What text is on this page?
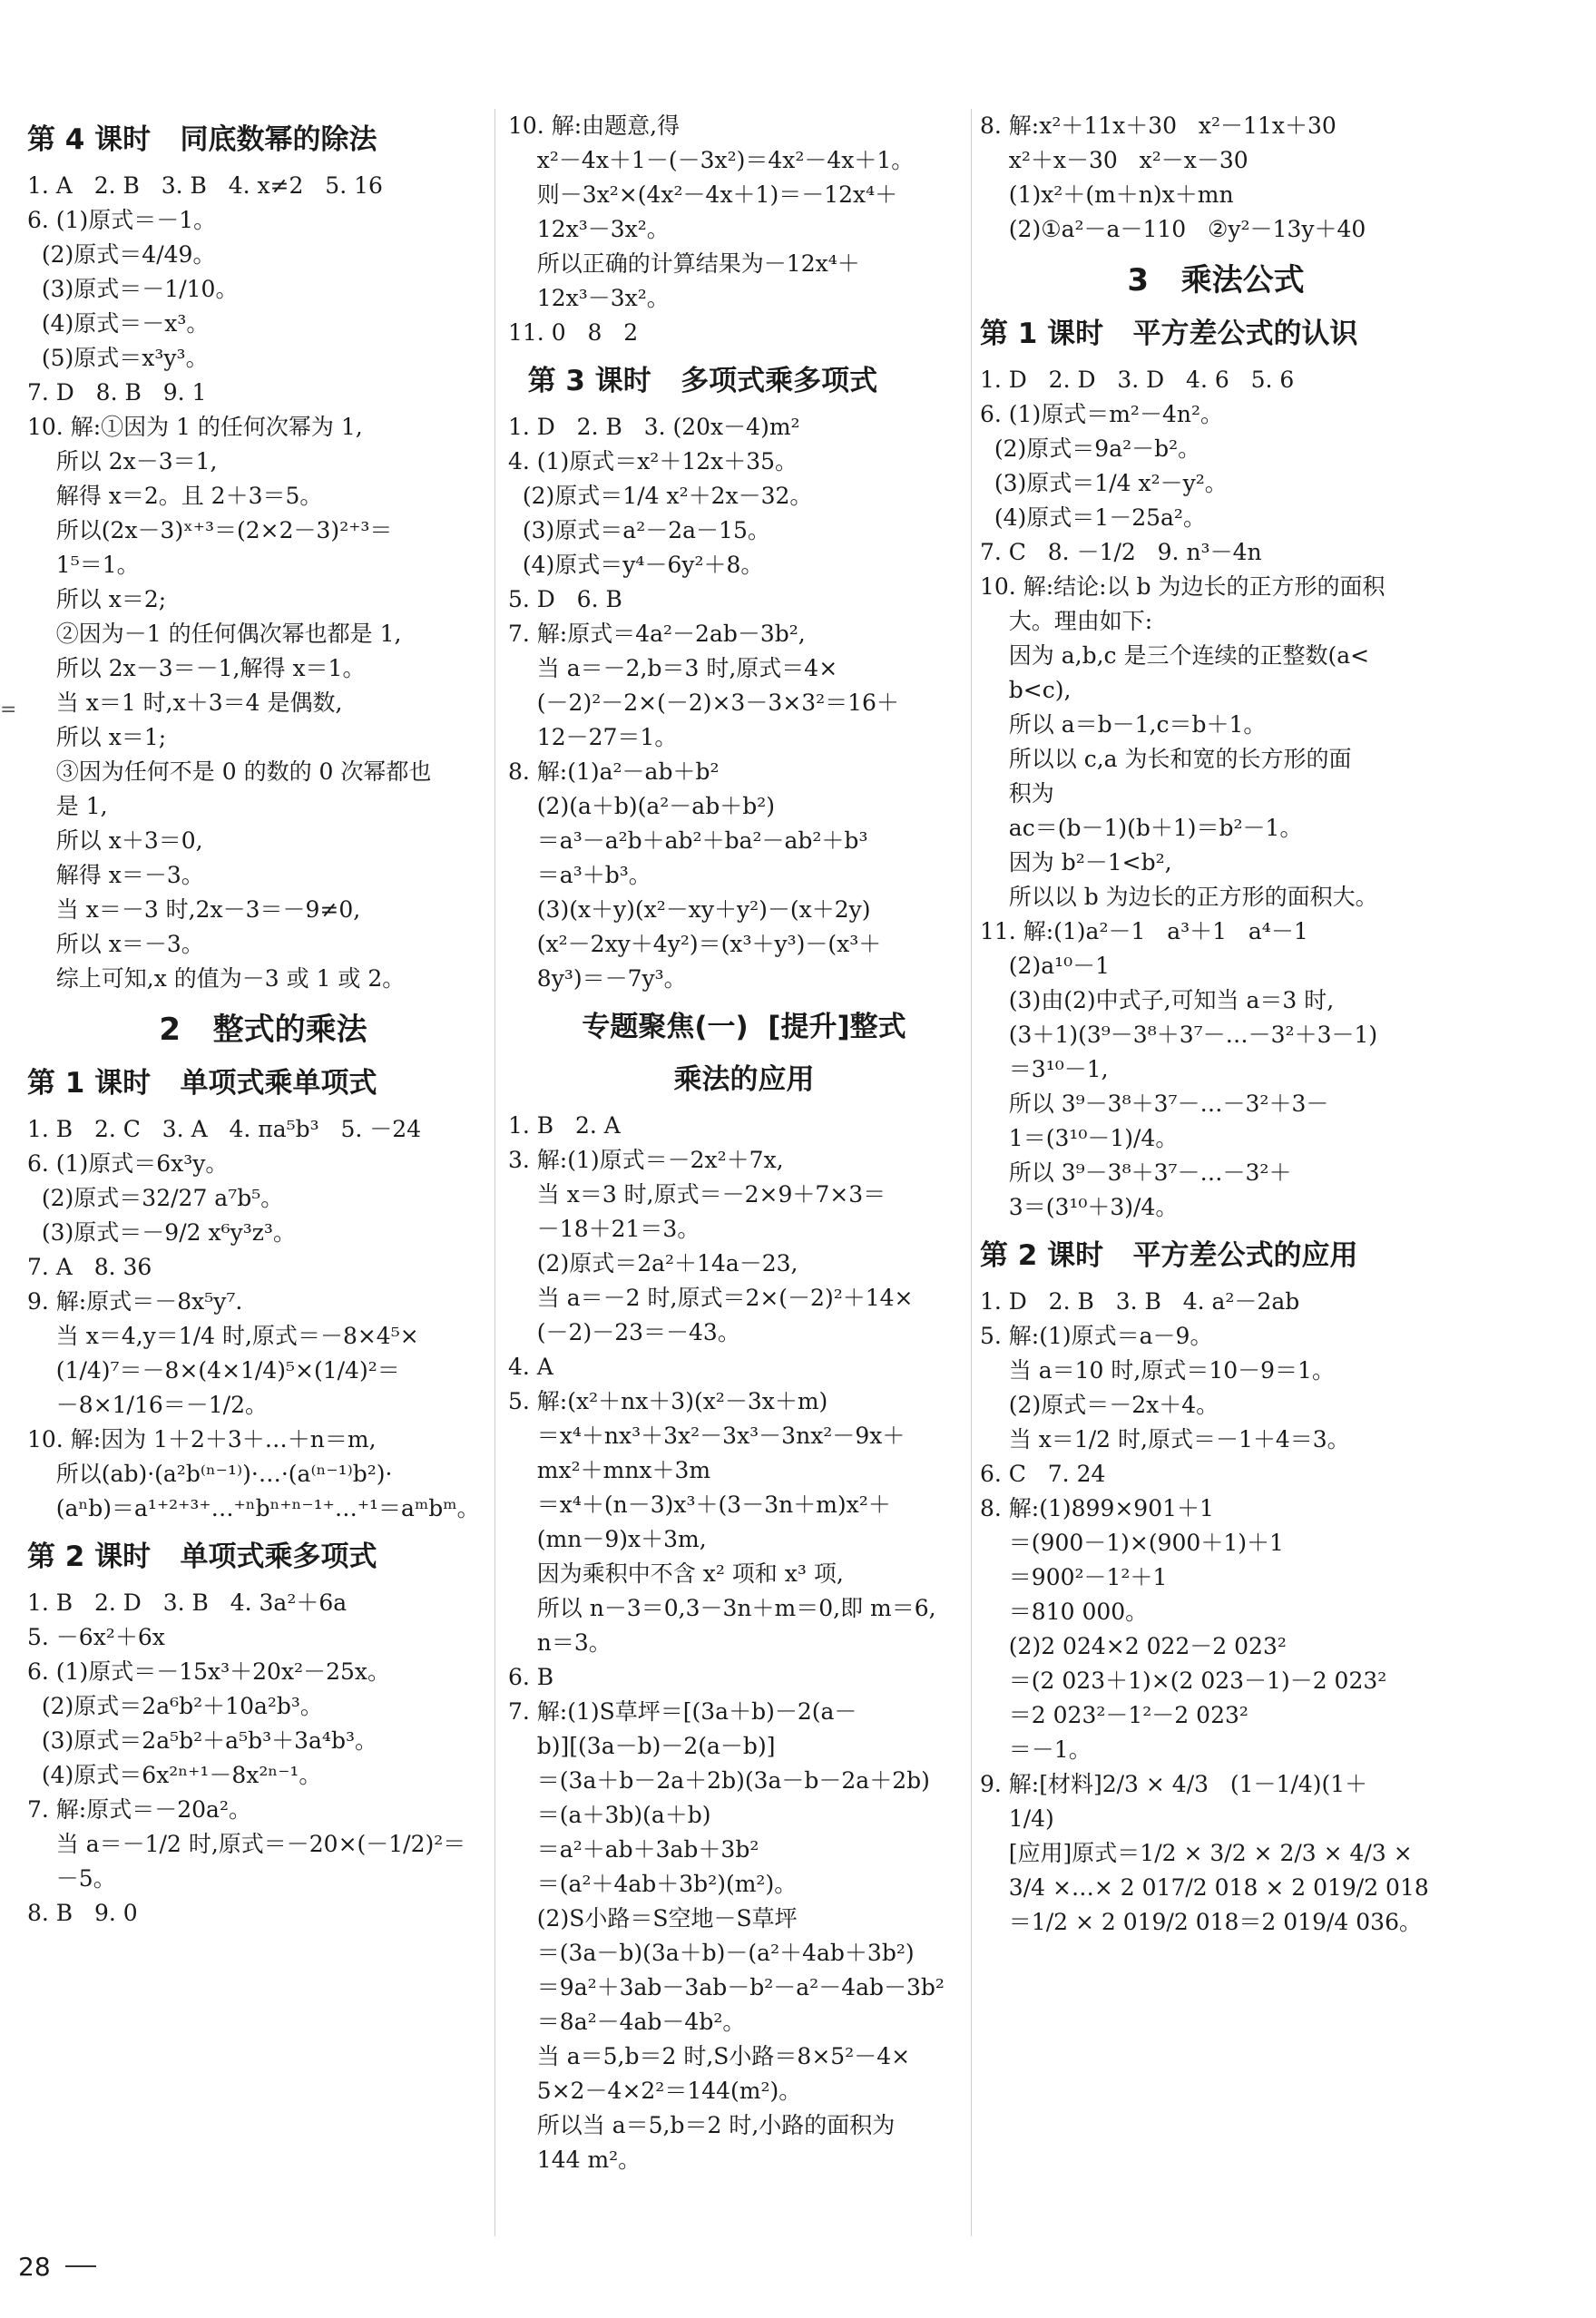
=
第 4 课时   同底数幂的除法
1. A   2. B   3. B   4. x≠2   5. 16
6. (1)原式＝－1。
(2)原式＝4/49。
(3)原式＝－1/10。
(4)原式＝－x³。
(5)原式＝x³y³。
7. D   8. B   9. 1
10. 解:①因为 1 的任何次幂为 1,
所以 2x－3＝1,
解得 x＝2。且 2＋3＝5。
所以(2x－3)ˣ⁺³＝(2×2－3)²⁺³＝
1⁵＝1。
所以 x＝2;
②因为－1 的任何偶次幂也都是 1,
所以 2x－3＝－1,解得 x＝1。
当 x＝1 时,x＋3＝4 是偶数,
所以 x＝1;
③因为任何不是 0 的数的 0 次幂都也
是 1,
所以 x＋3＝0,
解得 x＝－3。
当 x＝－3 时,2x－3＝－9≠0,
所以 x＝－3。
综上可知,x 的值为－3 或 1 或 2。
2   整式的乘法
第 1 课时   单项式乘单项式
1. B   2. C   3. A   4. πa⁵b³   5. －24
6. (1)原式＝6x³y。
(2)原式＝32/27 a⁷b⁵。
(3)原式＝－9/2 x⁶y³z³。
7. A   8. 36
9. 解:原式＝－8x⁵y⁷.
当 x＝4,y＝1/4 时,原式＝－8×4⁵×
(1/4)⁷＝－8×(4×1/4)⁵×(1/4)²＝
－8×1/16＝－1/2。
10. 解:因为 1＋2＋3＋…＋n＝m,
所以(ab)·(a²b⁽ⁿ⁻¹⁾)·…·(a⁽ⁿ⁻¹⁾b²)·
(aⁿb)＝a¹⁺²⁺³⁺…⁺ⁿbⁿ⁺ⁿ⁻¹⁺…⁺¹＝aᵐbᵐ。
第 2 课时   单项式乘多项式
1. B   2. D   3. B   4. 3a²＋6a
5. －6x²＋6x
6. (1)原式＝－15x³＋20x²－25x。
(2)原式＝2a⁶b²＋10a²b³。
(3)原式＝2a⁵b²＋a⁵b³＋3a⁴b³。
(4)原式＝6x²ⁿ⁺¹－8x²ⁿ⁻¹。
7. 解:原式＝－20a²。
当 a＝－1/2 时,原式＝－20×(－1/2)²＝
－5。
8. B   9. 0
10. 解:由题意,得
x²－4x＋1－(－3x²)＝4x²－4x＋1。
则－3x²×(4x²－4x＋1)＝－12x⁴＋
12x³－3x²。
所以正确的计算结果为－12x⁴＋
12x³－3x²。
11. 0   8   2
第 3 课时   多项式乘多项式
1. D   2. B   3. (20x－4)m²
4. (1)原式＝x²＋12x＋35。
(2)原式＝1/4 x²＋2x－32。
(3)原式＝a²－2a－15。
(4)原式＝y⁴－6y²＋8。
5. D   6. B
7. 解:原式＝4a²－2ab－3b²,
当 a＝－2,b＝3 时,原式＝4×
(－2)²－2×(－2)×3－3×3²＝16＋
12－27＝1。
8. 解:(1)a²－ab＋b²
(2)(a＋b)(a²－ab＋b²)
＝a³－a²b＋ab²＋ba²－ab²＋b³
＝a³＋b³。
(3)(x＋y)(x²－xy＋y²)－(x＋2y)
(x²－2xy＋4y²)＝(x³＋y³)－(x³＋
8y³)＝－7y³。
专题聚焦(一)  [提升]整式
乘法的应用
1. B   2. A
3. 解:(1)原式＝－2x²＋7x,
当 x＝3 时,原式＝－2×9＋7×3＝
－18＋21＝3。
(2)原式＝2a²＋14a－23,
当 a＝－2 时,原式＝2×(－2)²＋14×
(－2)－23＝－43。
4. A
5. 解:(x²＋nx＋3)(x²－3x＋m)
＝x⁴＋nx³＋3x²－3x³－3nx²－9x＋
mx²＋mnx＋3m
＝x⁴＋(n－3)x³＋(3－3n＋m)x²＋
(mn－9)x＋3m,
因为乘积中不含 x² 项和 x³ 项,
所以 n－3＝0,3－3n＋m＝0,即 m＝6,
n＝3。
6. B
7. 解:(1)S草坪＝[(3a＋b)－2(a－
b)][(3a－b)－2(a－b)]
＝(3a＋b－2a＋2b)(3a－b－2a＋2b)
＝(a＋3b)(a＋b)
＝a²＋ab＋3ab＋3b²
＝(a²＋4ab＋3b²)(m²)。
(2)S小路＝S空地－S草坪
＝(3a－b)(3a＋b)－(a²＋4ab＋3b²)
＝9a²＋3ab－3ab－b²－a²－4ab－3b²
＝8a²－4ab－4b²。
当 a＝5,b＝2 时,S小路＝8×5²－4×
5×2－4×2²＝144(m²)。
所以当 a＝5,b＝2 时,小路的面积为
144 m²。
8. 解:x²＋11x＋30   x²－11x＋30
x²＋x－30   x²－x－30
(1)x²＋(m＋n)x＋mn
(2)①a²－a－110   ②y²－13y＋40
3   乘法公式
第 1 课时   平方差公式的认识
1. D   2. D   3. D   4. 6   5. 6
6. (1)原式＝m²－4n²。
(2)原式＝9a²－b²。
(3)原式＝1/4 x²－y²。
(4)原式＝1－25a²。
7. C   8. －1/2   9. n³－4n
10. 解:结论:以 b 为边长的正方形的面积
大。理由如下:
因为 a,b,c 是三个连续的正整数(a<
b<c),
所以 a＝b－1,c＝b＋1。
所以以 c,a 为长和宽的长方形的面
积为
ac＝(b－1)(b＋1)＝b²－1。
因为 b²－1<b²,
所以以 b 为边长的正方形的面积大。
11. 解:(1)a²－1   a³＋1   a⁴－1
(2)a¹⁰－1
(3)由(2)中式子,可知当 a＝3 时,
(3＋1)(3⁹－3⁸＋3⁷－…－3²＋3－1)
＝3¹⁰－1,
所以 3⁹－3⁸＋3⁷－…－3²＋3－
1＝(3¹⁰－1)/4。
所以 3⁹－3⁸＋3⁷－…－3²＋
3＝(3¹⁰＋3)/4。
第 2 课时   平方差公式的应用
1. D   2. B   3. B   4. a²－2ab
5. 解:(1)原式＝a－9。
当 a＝10 时,原式＝10－9＝1。
(2)原式＝－2x＋4。
当 x＝1/2 时,原式＝－1＋4＝3。
6. C   7. 24
8. 解:(1)899×901＋1
＝(900－1)×(900＋1)＋1
＝900²－1²＋1
＝810 000。
(2)2 024×2 022－2 023²
＝(2 023＋1)×(2 023－1)－2 023²
＝2 023²－1²－2 023²
＝－1。
9. 解:[材料]2/3 × 4/3   (1－1/4)(1＋
1/4)
[应用]原式＝1/2 × 3/2 × 2/3 × 4/3 ×
3/4 ×…× 2 017/2 018 × 2 019/2 018
＝1/2 × 2 019/2 018＝2 019/4 036。
28
